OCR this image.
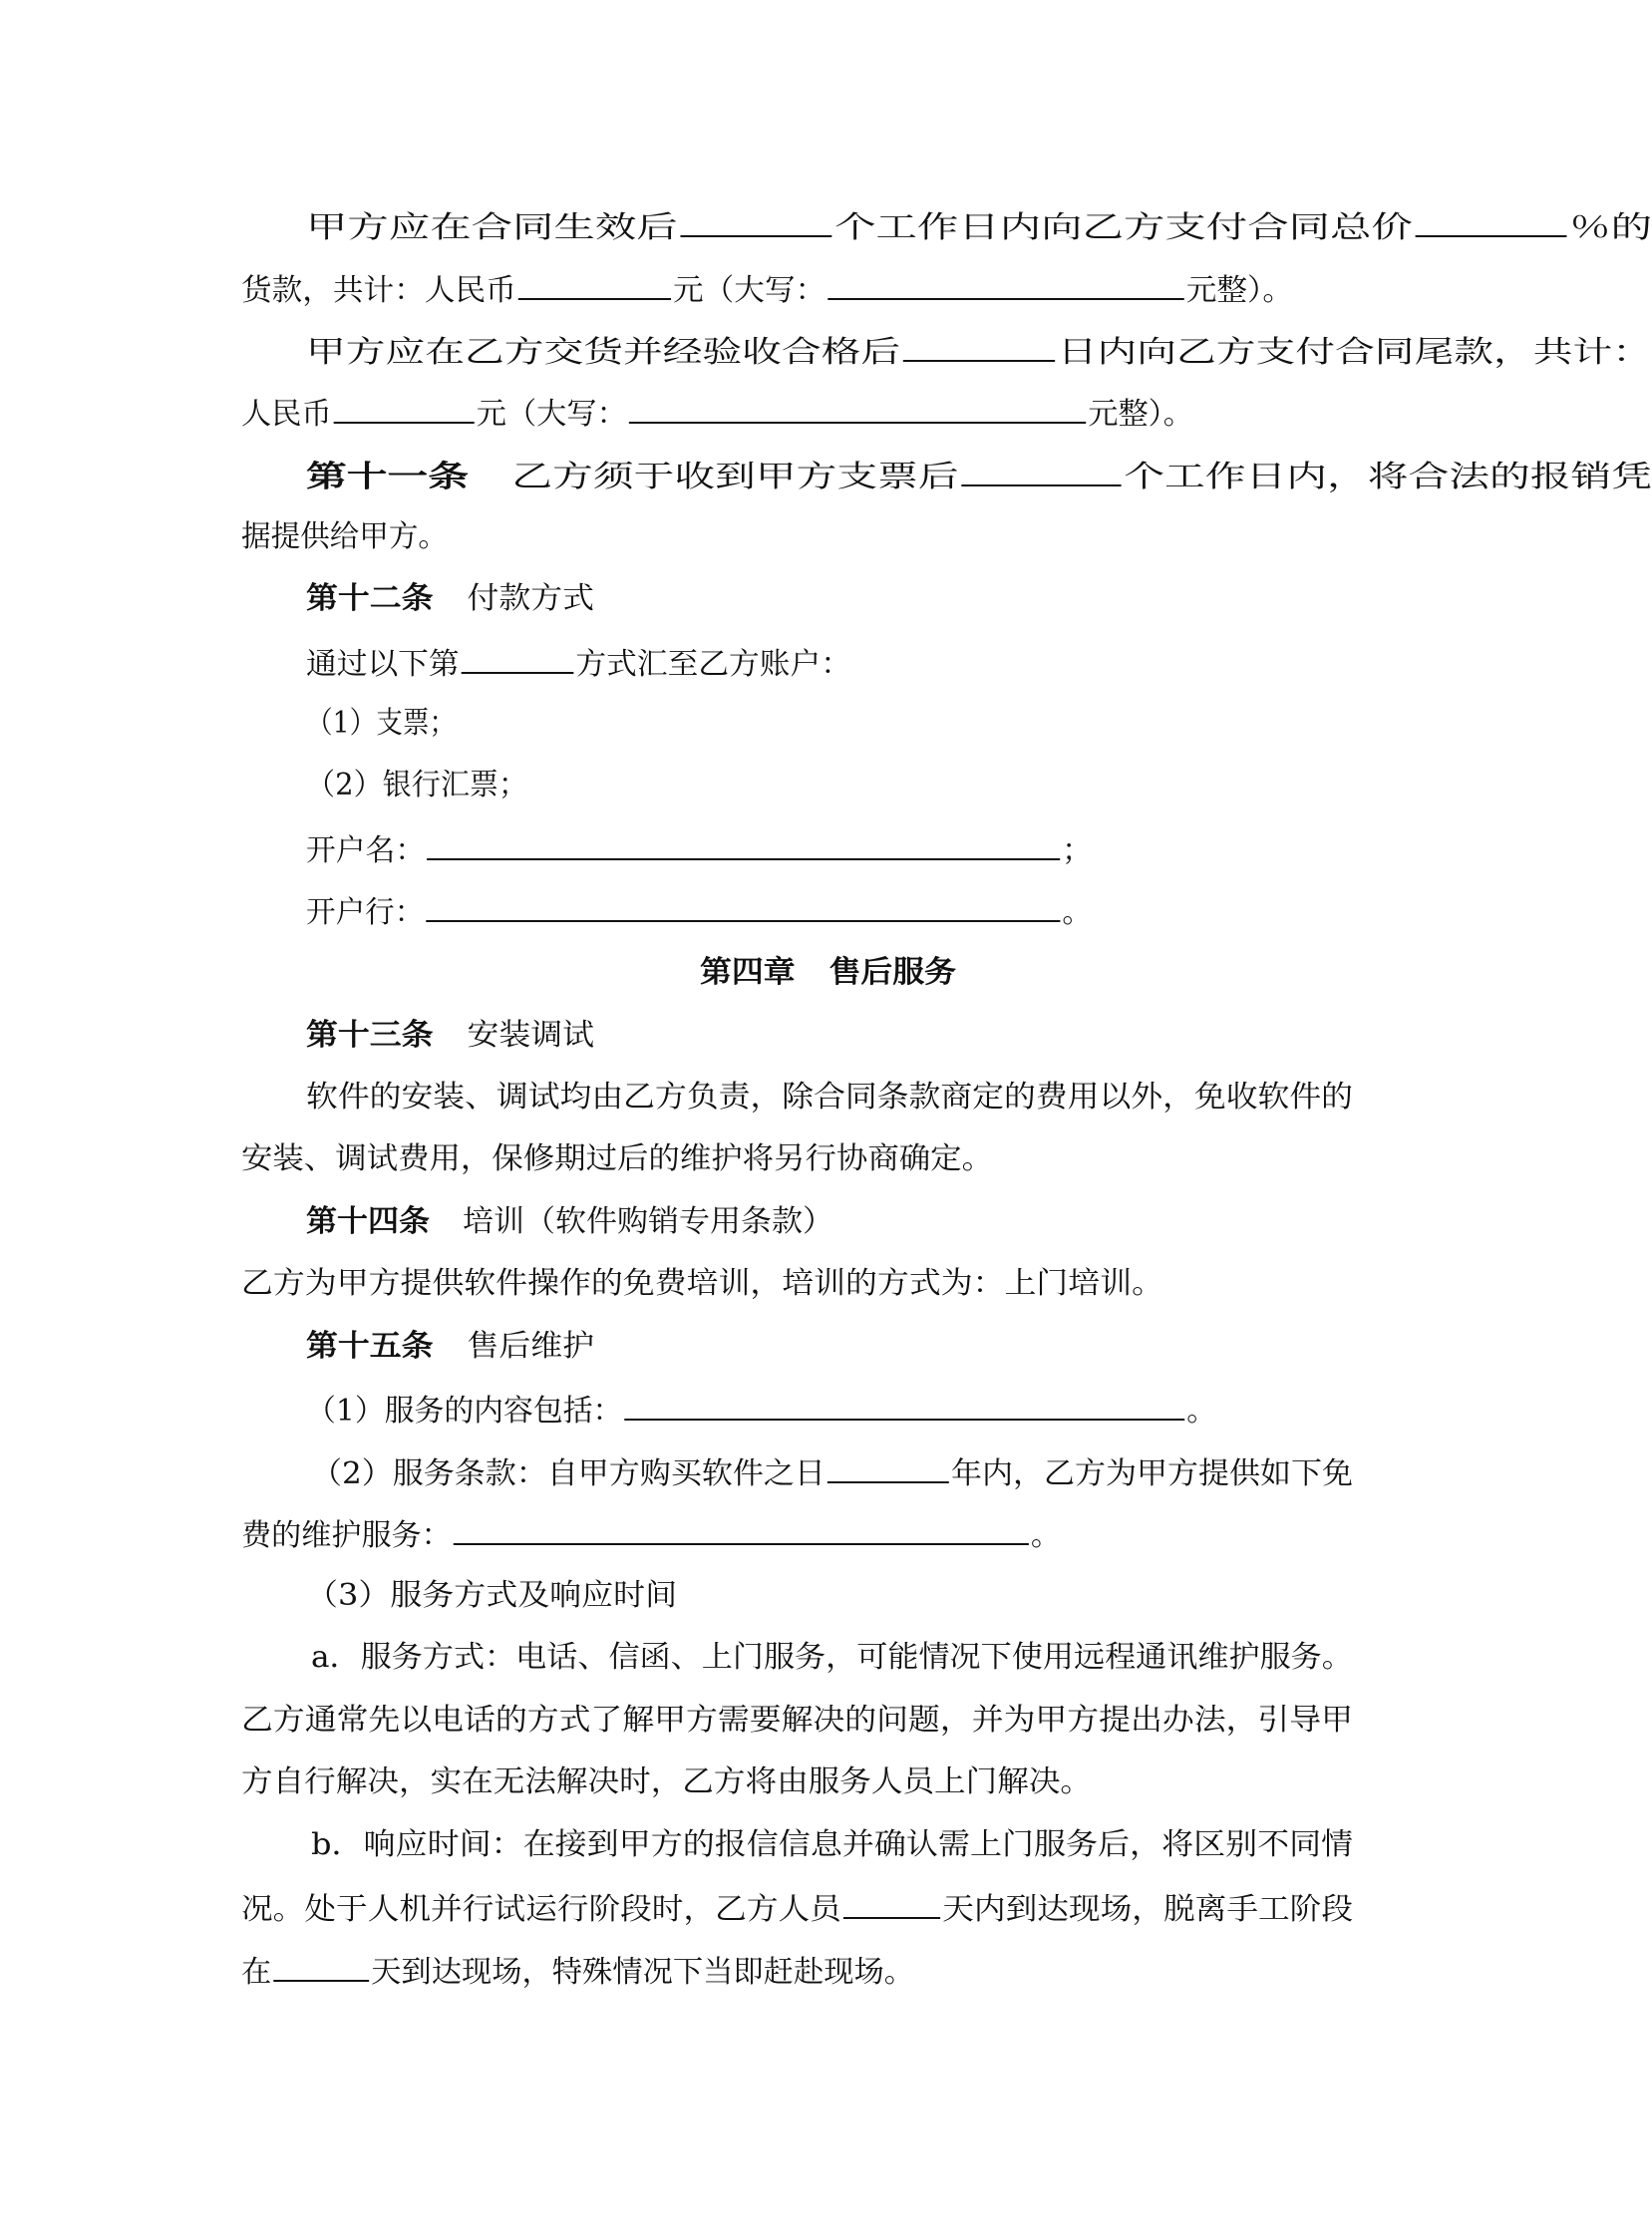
甲方应在合同生效后	个工作日内向乙方支付合同总价	％的

货款，共计：人民币	元（大写：	元整）。

甲方应在乙方交货并经验收合格后	日内向乙方支付合同尾款，共计：

人民币	元（大写：	元整）。

第十一条 乙方须于收到甲方支票后	个工作日内，将合法的报销凭

据提供给甲方。

第十二条 付款方式

通过以下第	方式汇至乙方账户：

（1）支票；

（2）银行汇票；

开户名：	；

开户行：	。

第四章 售后服务

第十三条 安装调试

软件的安装、调试均由乙方负责，除合同条款商定的费用以外，免收软件的

安装、调试费用，保修期过后的维护将另行协商确定。

第十四条 培训（软件购销专用条款）

乙方为甲方提供软件操作的免费培训，培训的方式为：上门培训。

第十五条 售后维护

（1）服务的内容包括：	。

（2）服务条款：自甲方购买软件之日	年内，乙方为甲方提供如下免

费的维护服务：	。

（3）服务方式及响应时间

a．服务方式：电话、信函、上门服务，可能情况下使用远程通讯维护服务。

乙方通常先以电话的方式了解甲方需要解决的问题，并为甲方提出办法，引导甲

方自行解决，实在无法解决时，乙方将由服务人员上门解决。

b．响应时间：在接到甲方的报信信息并确认需上门服务后，将区别不同情

况。处于人机并行试运行阶段时，乙方人员	天内到达现场，脱离手工阶段

在	天到达现场，特殊情况下当即赶赴现场。
